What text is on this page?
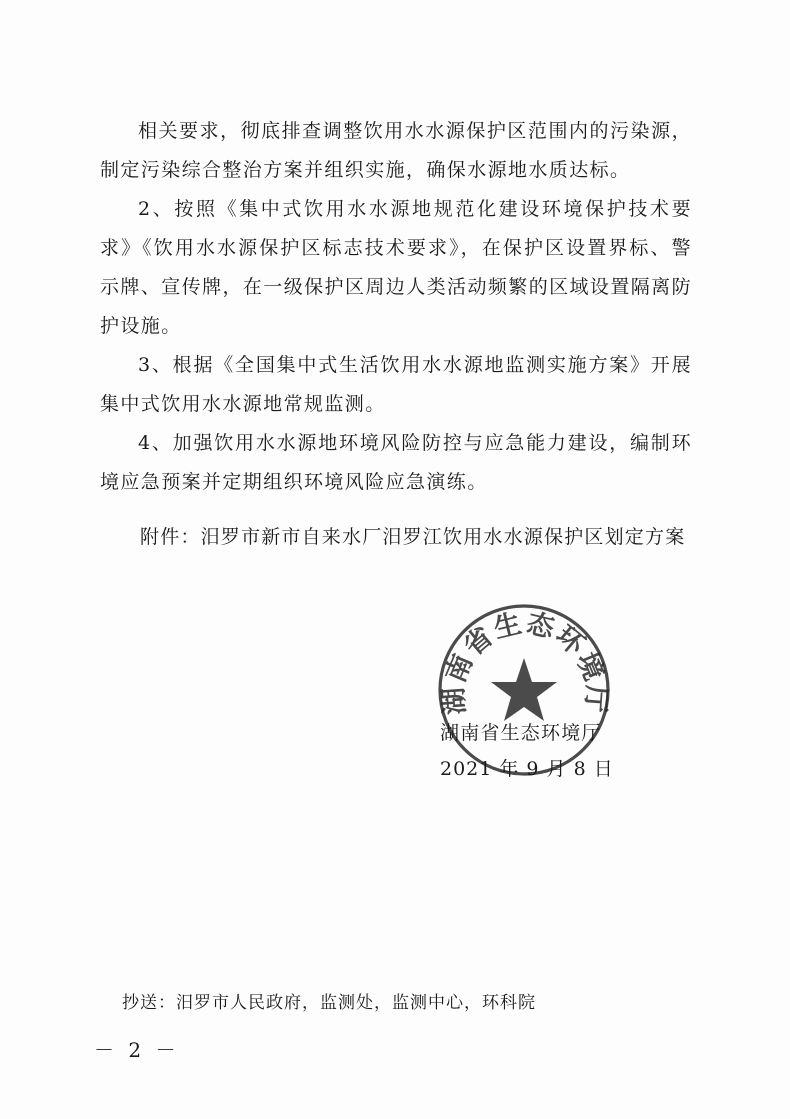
相关要求，彻底排查调整饮用水水源保护区范围内的污染源，制定污染综合整治方案并组织实施，确保水源地水质达标。

2、按照《集中式饮用水水源地规范化建设环境保护技术要求》《饮用水水源保护区标志技术要求》，在保护区设置界标、警示牌、宣传牌，在一级保护区周边人类活动频繁的区域设置隔离防护设施。

3、根据《全国集中式生活饮用水水源地监测实施方案》开展集中式饮用水水源地常规监测。

4、加强饮用水水源地环境风险防控与应急能力建设，编制环境应急预案并定期组织环境风险应急演练。

附件：汨罗市新市自来水厂汨罗江饮用水水源保护区划定方案
湖南省生态环境厅
湖南省生态环境厅
2021 年 9 月 8 日
抄送：汨罗市人民政府，监测处，监测中心，环科院
－ 2 －
